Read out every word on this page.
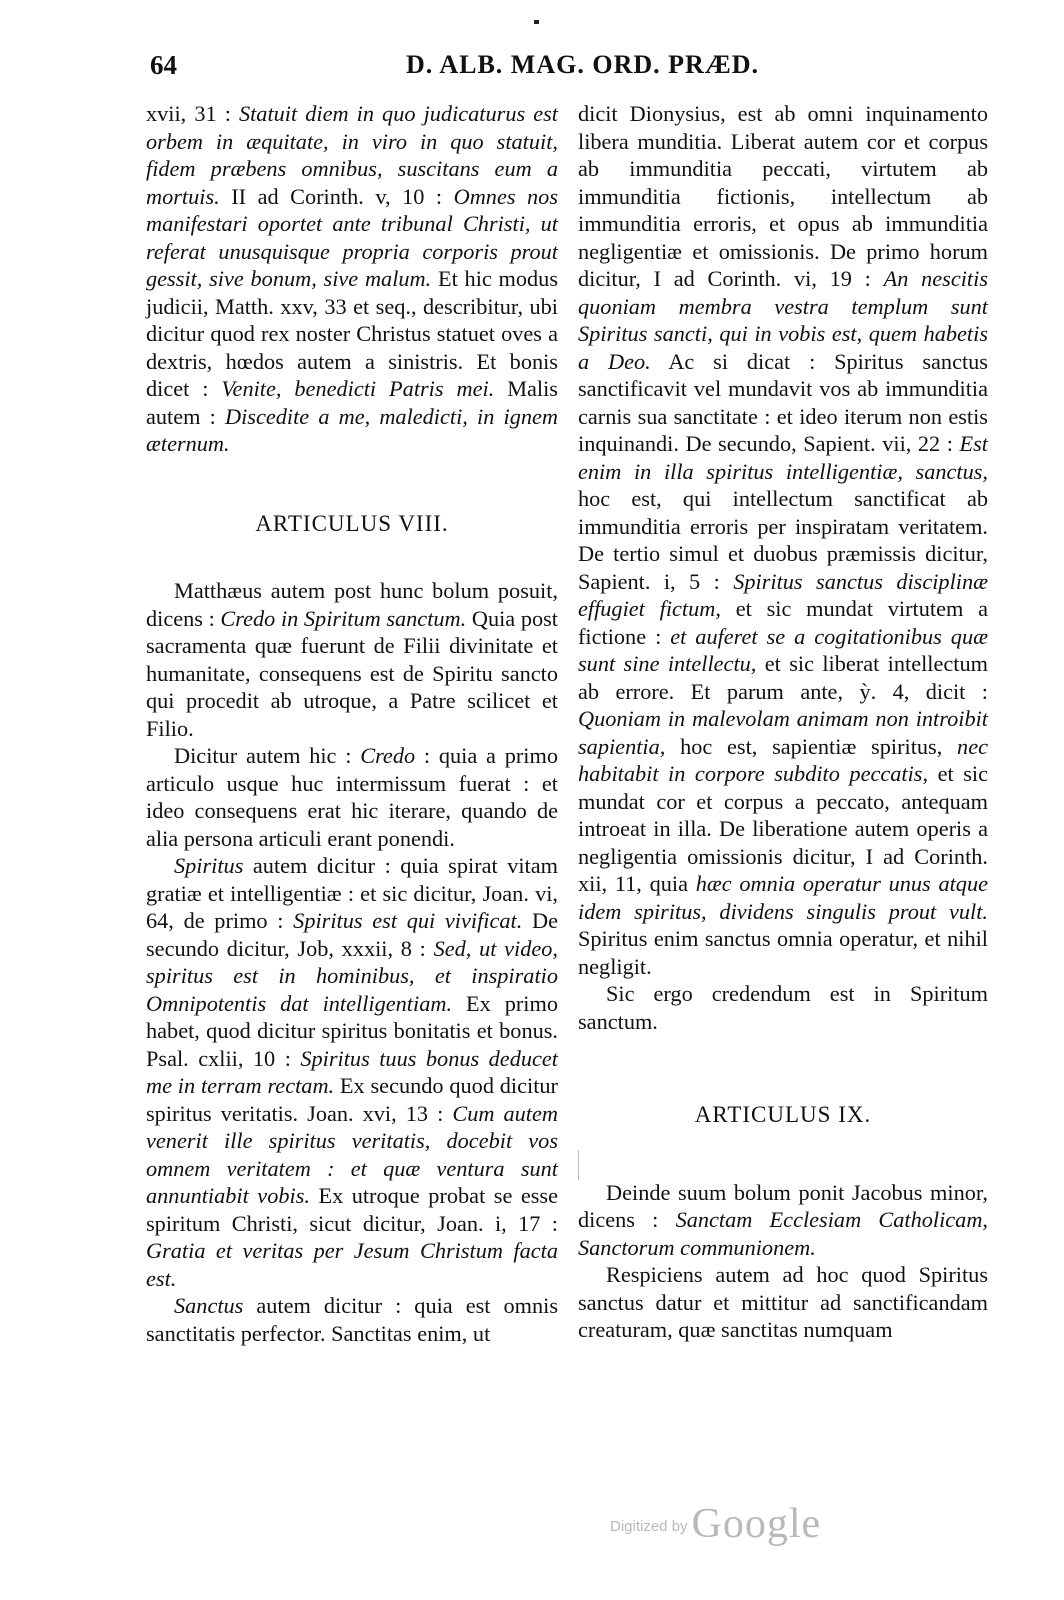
64	D. ALB. MAG. ORD. PRÆD.

xvii, 31 : Statuit diem in quo judicaturus est orbem in æquitate, in viro in quo statuit, fidem præbens omnibus, suscitans eum a mortuis. II ad Corinth. v, 10 : Omnes nos manifestari oportet ante tribunal Christi, ut referat unusquisque propria corporis prout gessit, sive bonum, sive malum. Et hic modus judicii, Matth. xxv, 33 et seq., describitur, ubi dicitur quod rex noster Christus statuet oves a dextris, hœdos autem a sinistris. Et bonis dicet : Venite, benedicti Patris mei. Malis autem : Discedite a me, maledicti, in ignem æternum.

ARTICULUS VIII.

Matthæus autem post hunc bolum posuit, dicens : Credo in Spiritum sanctum. Quia post sacramenta quæ fuerunt de Filii divinitate et humanitate, consequens est de Spiritu sancto qui procedit ab utroque, a Patre scilicet et Filio.

Dicitur autem hic : Credo : quia a primo articulo usque huc intermissum fuerat : et ideo consequens erat hic iterare, quando de alia persona articuli erant ponendi.

Spiritus autem dicitur : quia spirat vitam gratiæ et intelligentiæ : et sic dicitur, Joan. vi, 64, de primo : Spiritus est qui vivificat. De secundo dicitur, Job, xxxii, 8 : Sed, ut video, spiritus est in hominibus, et inspiratio Omnipotentis dat intelligentiam. Ex primo habet, quod dicitur spiritus bonitatis et bonus. Psal. cxlii, 10 : Spiritus tuus bonus deducet me in terram rectam. Ex secundo quod dicitur spiritus veritatis. Joan. xvi, 13 : Cum autem venerit ille spiritus veritatis, docebit vos omnem veritatem : et quæ ventura sunt annuntiabit vobis. Ex utroque probat se esse spiritum Christi, sicut dicitur, Joan. i, 17 : Gratia et veritas per Jesum Christum facta est.

Sanctus autem dicitur : quia est omnis sanctitatis perfector. Sanctitas enim, ut

dicit Dionysius, est ab omni inquinamento libera munditia. Liberat autem cor et corpus ab immunditia peccati, virtutem ab immunditia fictionis, intellectum ab immunditia erroris, et opus ab immunditia negligentiæ et omissionis. De primo horum dicitur, I ad Corinth. vi, 19 : An nescitis quoniam membra vestra templum sunt Spiritus sancti, qui in vobis est, quem habetis a Deo. Ac si dicat : Spiritus sanctus sanctificavit vel mundavit vos ab immunditia carnis sua sanctitate : et ideo iterum non estis inquinandi. De secundo, Sapient. vii, 22 : Est enim in illa spiritus intelligentiæ, sanctus, hoc est, qui intellectum sanctificat ab immunditia erroris per inspiratam veritatem. De tertio simul et duobus præmissis dicitur, Sapient. i, 5 : Spiritus sanctus disciplinæ effugiet fictum, et sic mundat virtutem a fictione : et auferet se a cogitationibus quæ sunt sine intellectu, et sic liberat intellectum ab errore. Et parum ante, ỳ. 4, dicit : Quoniam in malevolam animam non introibit sapientia, hoc est, sapientiæ spiritus, nec habitabit in corpore subdito peccatis, et sic mundat cor et corpus a peccato, antequam introeat in illa. De liberatione autem operis a negligentia omissionis dicitur, I ad Corinth. xii, 11, quia hæc omnia operatur unus atque idem spiritus, dividens singulis prout vult. Spiritus enim sanctus omnia operatur, et nihil negligit.

Sic ergo credendum est in Spiritum sanctum.

ARTICULUS IX.

Deinde suum bolum ponit Jacobus minor, dicens : Sanctam Ecclesiam Catholicam, Sanctorum communionem.

Respiciens autem ad hoc quod Spiritus sanctus datur et mittitur ad sanctificandam creaturam, quæ sanctitas numquam

Digitized by Google
